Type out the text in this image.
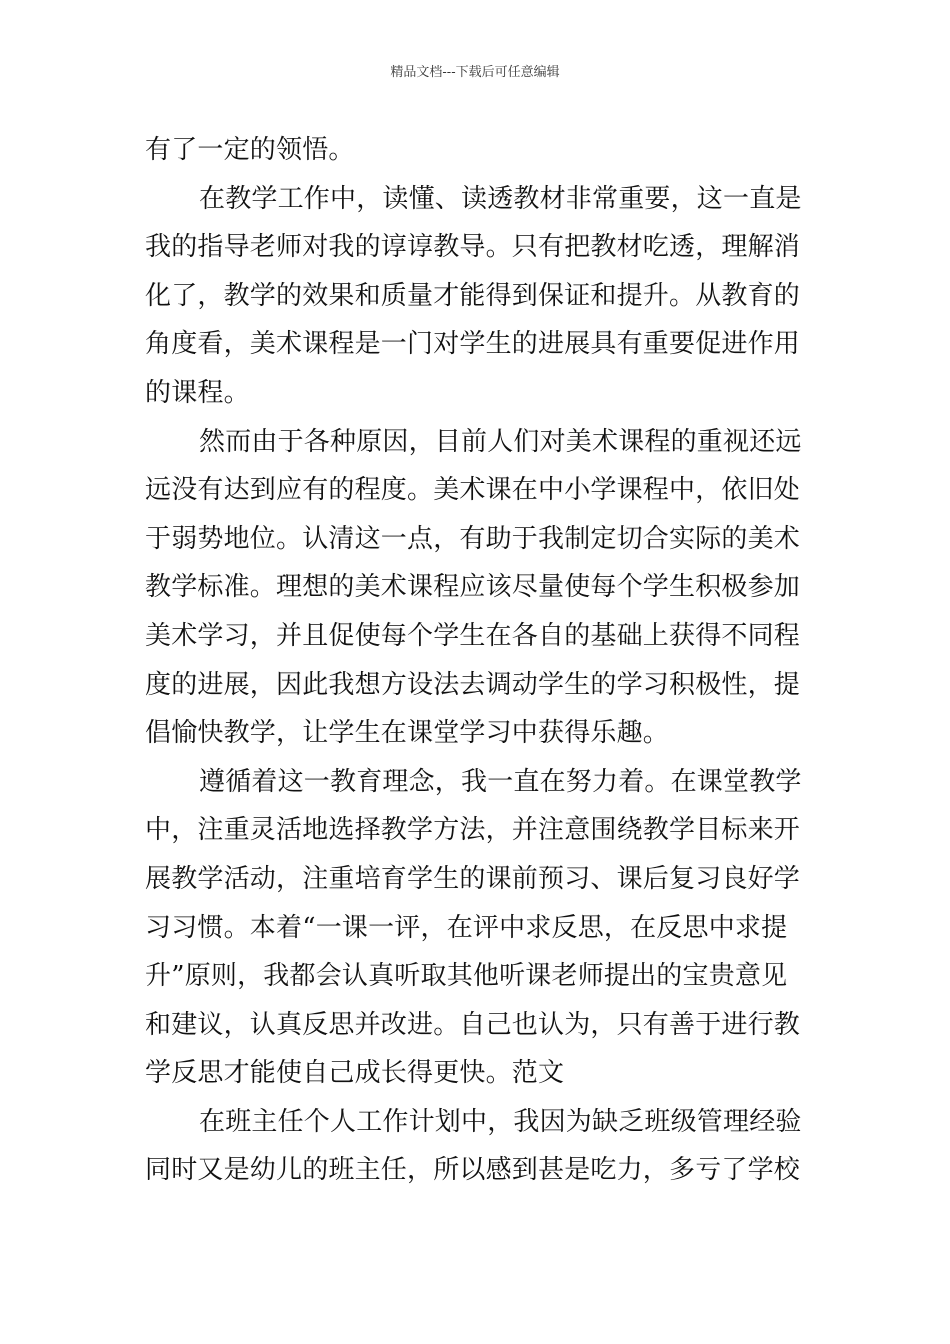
精品文档---下载后可任意编辑
有了一定的领悟。
在教学工作中，读懂、读透教材非常重要，这一直是
我的指导老师对我的谆谆教导。只有把教材吃透，理解消
化了，教学的效果和质量才能得到保证和提升。从教育的
角度看，美术课程是一门对学生的进展具有重要促进作用
的课程。
然而由于各种原因，目前人们对美术课程的重视还远
远没有达到应有的程度。美术课在中小学课程中，依旧处
于弱势地位。认清这一点，有助于我制定切合实际的美术
教学标准。理想的美术课程应该尽量使每个学生积极参加
美术学习，并且促使每个学生在各自的基础上获得不同程
度的进展，因此我想方设法去调动学生的学习积极性，提
倡愉快教学，让学生在课堂学习中获得乐趣。
遵循着这一教育理念，我一直在努力着。在课堂教学
中，注重灵活地选择教学方法，并注意围绕教学目标来开
展教学活动，注重培育学生的课前预习、课后复习良好学
习习惯。本着“一课一评，在评中求反思，在反思中求提
升”原则，我都会认真听取其他听课老师提出的宝贵意见
和建议，认真反思并改进。自己也认为，只有善于进行教
学反思才能使自己成长得更快。范文
在班主任个人工作计划中，我因为缺乏班级管理经验
同时又是幼儿的班主任，所以感到甚是吃力，多亏了学校
